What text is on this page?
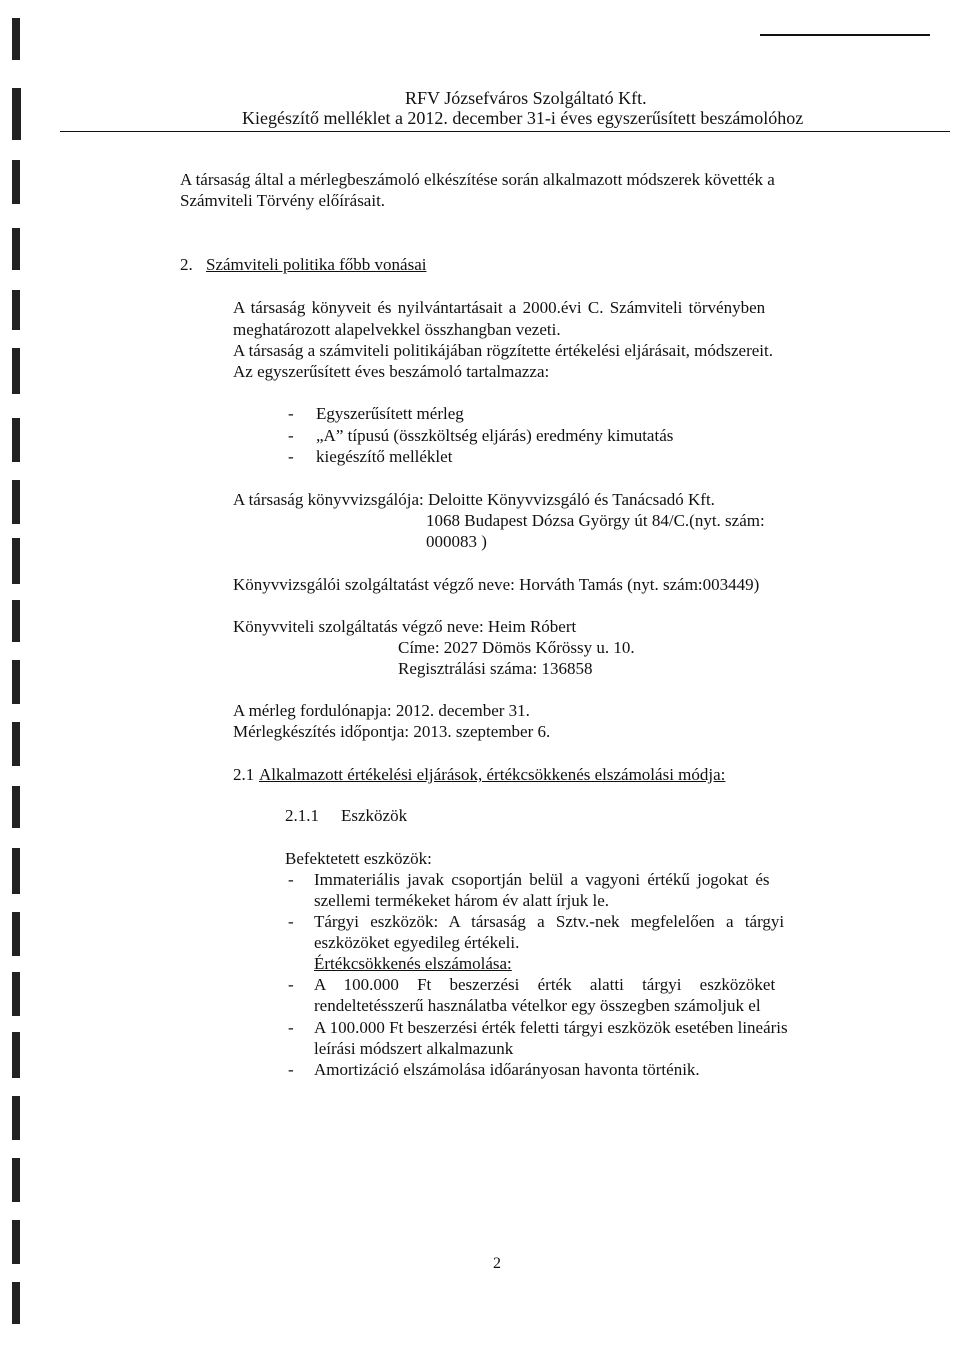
RFV Józsefváros Szolgáltató Kft.
Kiegészítő melléklet a 2012. december 31-i éves egyszerűsített beszámolóhoz
A társaság által a mérlegbeszámoló elkészítése során alkalmazott módszerek követték a
Számviteli Törvény előírásait.
2. Számviteli politika főbb vonásai
A társaság könyveit és nyilvántartásait a 2000.évi C. Számviteli törvényben
meghatározott alapelvekkel összhangban vezeti.
A társaság a számviteli politikájában rögzítette értékelési eljárásait, módszereit.
Az egyszerűsített éves beszámoló tartalmazza:
- Egyszerűsített mérleg
- „A” típusú (összköltség eljárás) eredmény kimutatás
- kiegészítő melléklet
A társaság könyvvizsgálója: Deloitte Könyvvizsgáló és Tanácsadó Kft.
1068 Budapest Dózsa György út 84/C.(nyt. szám:
000083 )
Könyvvizsgálói szolgáltatást végző neve: Horváth Tamás (nyt. szám:003449)
Könyvviteli szolgáltatás végző neve: Heim Róbert
Címe: 2027 Dömös Kőrössy u. 10.
Regisztrálási száma: 136858
A mérleg fordulónapja: 2012. december 31.
Mérlegkészítés időpontja: 2013. szeptember 6.
2.1 Alkalmazott értékelési eljárások, értékcsökkenés elszámolási módja:
2.1.1 Eszközök
Befektetett eszközök:
- Immateriális javak csoportján belül a vagyoni értékű jogokat és
szellemi termékeket három év alatt írjuk le.
- Tárgyi eszközök: A társaság a Sztv.-nek megfelelően a tárgyi
eszközöket egyedileg értékeli.
Értékcsökkenés elszámolása:
- A 100.000 Ft beszerzési érték alatti tárgyi eszközöket
rendeltetésszerű használatba vételkor egy összegben számoljuk el
- A 100.000 Ft beszerzési érték feletti tárgyi eszközök esetében lineáris
leírási módszert alkalmazunk
- Amortizáció elszámolása időarányosan havonta történik.
2
